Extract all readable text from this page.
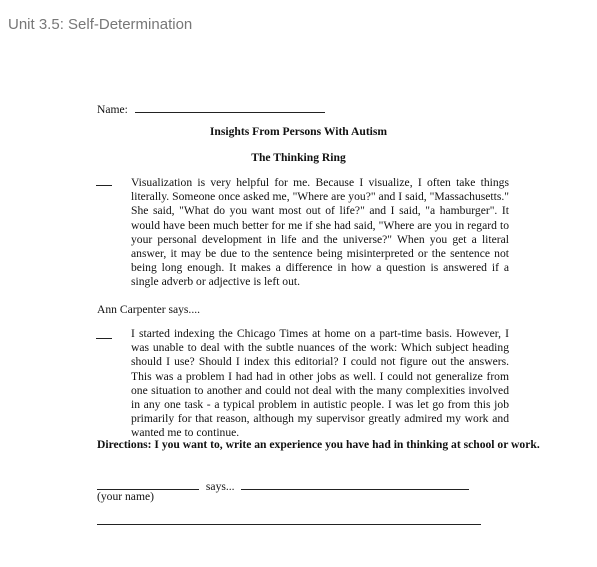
Unit 3.5: Self-Determination
Name:
Insights From Persons With Autism
The Thinking Ring

Visualization is very helpful for me. Because I visualize, I often take things literally. Someone once asked me, "Where are you?" and I said, "Massachusetts." She said, "What do you want most out of life?" and I said, "a hamburger". It would have been much better for me if she had said, "Where are you in regard to your personal development in life and the universe?" When you get a literal answer, it may be due to the sentence being misinterpreted or the sentence not being long enough. It makes a difference in how a question is answered if a single adverb or adjective is left out.

Ann Carpenter says....

I started indexing the Chicago Times at home on a part-time basis. However, I was unable to deal with the subtle nuances of the work: Which subject heading should I use? Should I index this editorial? I could not figure out the answers. This was a problem I had had in other jobs as well. I could not generalize from one situation to another and could not deal with the many complexities involved in any one task - a typical problem in autistic people. I was let go from this job primarily for that reason, although my supervisor greatly admired my work and wanted me to continue.

Directions: I you want to, write an experience you have had in thinking at school or work.
says...
(your name)
